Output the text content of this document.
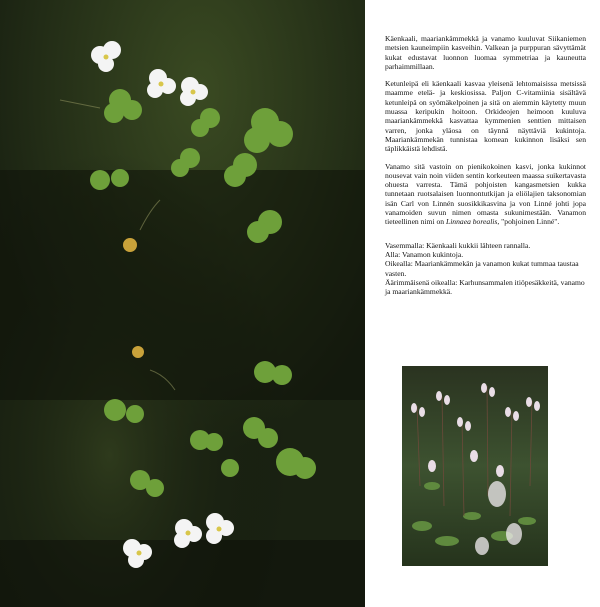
Käenkaali, maariankämmekkä ja vanamo kuuluvat Siikaniemen metsien kauneimpiin kasveihin. Valkean ja purppuran sävyttämät kukat edustavat luonnon luomaa symmetriaa ja kauneutta parhaimmillaan.

Ketunleipä eli käenkaali kasvaa yleisenä lehtomaisissa metsissä maamme etelä- ja keskiosissa. Paljon C-vitamiinia sisältävä ketunleipä on syömäkelpoinen ja sitä on aiemmin käytetty muun muassa keripukin hoitoon. Orkideojen heimoon kuuluva maariankämmekkä kasvattaa kymmenien senttien mittaisen varren, jonka yläosa on täynnä näyttäviä kukintoja. Maariankämmekän tunnistaa komean kukinnon lisäksi sen täplikkäistä lehdistä.

Vanamo sitä vastoin on pienikokoinen kasvi, jonka kukinnot nousevat vain noin viiden sentin korkeuteen maassa suikertavasta ohuesta varresta. Tämä pohjoisten kangasmetsien kukka tunnetaan ruotsalaisen luonnontutkijan ja eliölajien taksonomian isän Carl von Linnén suosikkikasvina ja von Linné johti jopa vanamoiden suvun nimen omasta sukunimestään. Vanamon tieteellinen nimi on Linnaea borealis, "pohjoinen Linné".

Vasemmalla: Käenkaali kukkii lähteen rannalla.
Alla: Vanamon kukintoja.
Oikealla: Maariankämmekän ja vanamon kukat tummaa taustaa vasten.
Äärimmäisenä oikealla: Karhunsammalen itiöpesäkkeitä, vanamo ja maariankämmekkä.
